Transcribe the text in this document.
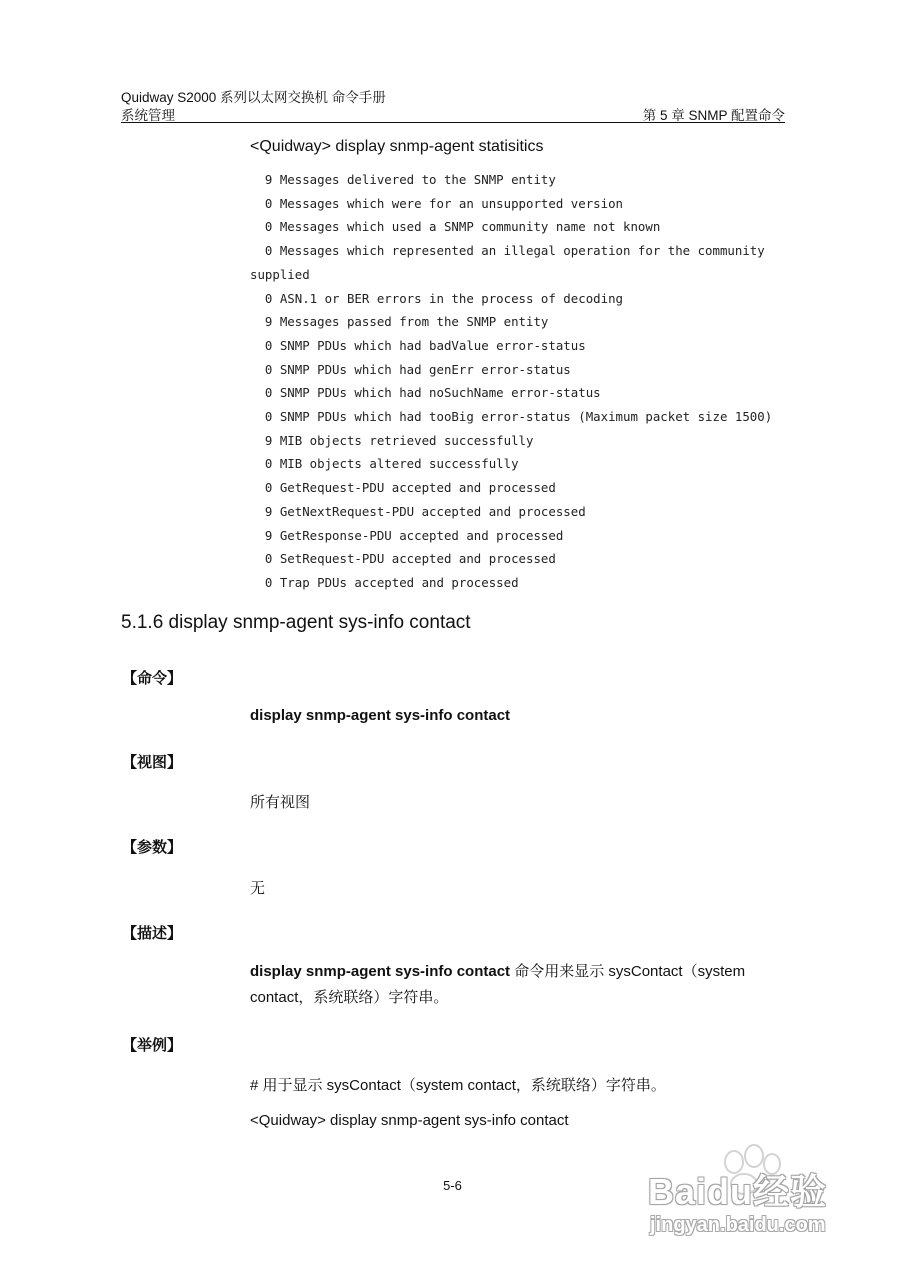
Quidway S2000 系列以太网交换机 命令手册
系统管理	第 5 章 SNMP 配置命令
<Quidway> display snmp-agent statisitics
9 Messages delivered to the SNMP entity
0 Messages which were for an unsupported version
0 Messages which used a SNMP community name not known
0 Messages which represented an illegal operation for the community
supplied
0 ASN.1 or BER errors in the process of decoding
9 Messages passed from the SNMP entity
0 SNMP PDUs which had badValue error-status
0 SNMP PDUs which had genErr error-status
0 SNMP PDUs which had noSuchName error-status
0 SNMP PDUs which had tooBig error-status (Maximum packet size 1500)
9 MIB objects retrieved successfully
0 MIB objects altered successfully
0 GetRequest-PDU accepted and processed
9 GetNextRequest-PDU accepted and processed
9 GetResponse-PDU accepted and processed
0 SetRequest-PDU accepted and processed
0 Trap PDUs accepted and processed
5.1.6 display snmp-agent sys-info contact
【命令】
display snmp-agent sys-info contact
【视图】
所有视图
【参数】
无
【描述】
display snmp-agent sys-info contact 命令用来显示 sysContact（system contact，系统联络）字符串。
【举例】
# 用于显示 sysContact（system contact，系统联络）字符串。
<Quidway> display snmp-agent sys-info contact
5-6	Baidu经验
jingyan.baidu.com
